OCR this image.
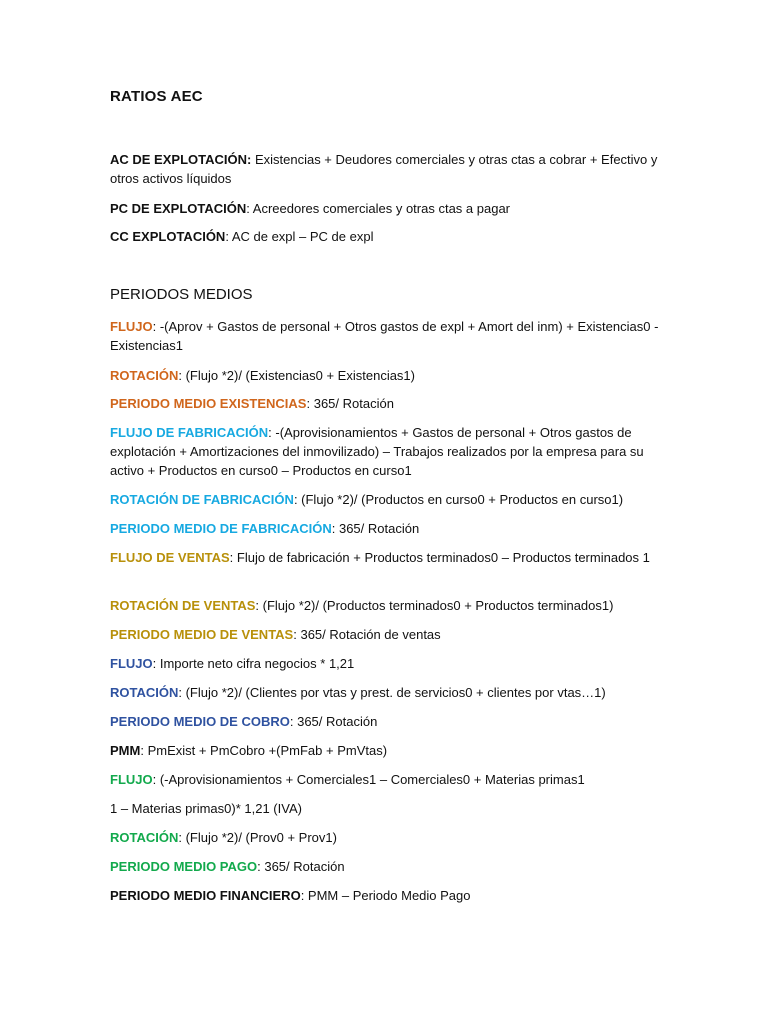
RATIOS AEC
AC DE EXPLOTACIÓN: Existencias + Deudores comerciales y otras ctas a cobrar + Efectivo y otros activos líquidos
PC DE EXPLOTACIÓN: Acreedores comerciales y otras ctas a pagar
CC EXPLOTACIÓN: AC de expl – PC de expl
PERIODOS MEDIOS
FLUJO: -(Aprov + Gastos de personal + Otros gastos de expl + Amort del inm) + Existencias0 - Existencias1
ROTACIÓN: (Flujo *2)/ (Existencias0 + Existencias1)
PERIODO MEDIO EXISTENCIAS: 365/ Rotación
FLUJO DE FABRICACIÓN: -(Aprovisionamientos + Gastos de personal + Otros gastos de explotación + Amortizaciones del inmovilizado) – Trabajos realizados por la empresa para su activo + Productos en curso0 – Productos en curso1
ROTACIÓN DE FABRICACIÓN: (Flujo *2)/ (Productos en curso0 + Productos en curso1)
PERIODO MEDIO DE FABRICACIÓN: 365/ Rotación
FLUJO DE VENTAS: Flujo de fabricación + Productos terminados0 – Productos terminados 1
ROTACIÓN DE VENTAS: (Flujo *2)/ (Productos terminados0 + Productos terminados1)
PERIODO MEDIO DE VENTAS: 365/ Rotación de ventas
FLUJO: Importe neto cifra negocios * 1,21
ROTACIÓN: (Flujo *2)/ (Clientes por vtas y prest. de servicios0 + clientes por vtas…1)
PERIODO MEDIO DE COBRO: 365/ Rotación
PMM: PmExist + PmCobro +(PmFab + PmVtas)
FLUJO: (-Aprovisionamientos + Comerciales1 – Comerciales0 + Materias primas1
1 – Materias primas0)* 1,21 (IVA)
ROTACIÓN: (Flujo *2)/ (Prov0 + Prov1)
PERIODO MEDIO PAGO: 365/ Rotación
PERIODO MEDIO FINANCIERO: PMM – Periodo Medio Pago
